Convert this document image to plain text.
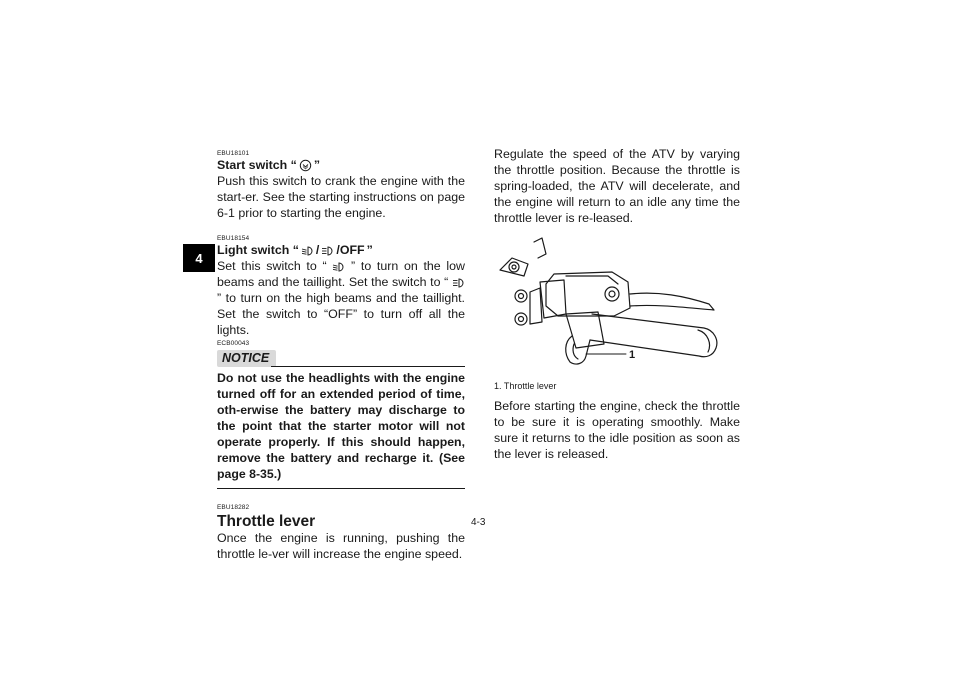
4
EBU18101
Start switch “ ”

Push this switch to crank the engine with the start-er. See the starting instructions on page 6-1 prior to starting the engine.

EBU18154
Light switch “ / /OFF ”

Set this switch to “ ” to turn on the low beams and the taillight. Set the switch to “  ” to turn on the high beams and the taillight. Set the switch to “OFF” to turn off all the lights.

ECB00043
NOTICE

Do not use the headlights with the engine turned off for an extended period of time, oth-erwise the battery may discharge to the point that the starter motor will not operate properly. If this should happen, remove the battery and recharge it. (See page 8-35.)

EBU18282
Throttle lever

Once the engine is running, pushing the throttle le-ver will increase the engine speed.

Regulate the speed of the ATV by varying the throttle position. Because the throttle is spring-loaded, the ATV will decelerate, and the engine will return to an idle any time the throttle lever is re-leased.

1
1. Throttle lever

Before starting the engine, check the throttle to be sure it is operating smoothly. Make sure it returns to the idle position as soon as the lever is released.

4-3
